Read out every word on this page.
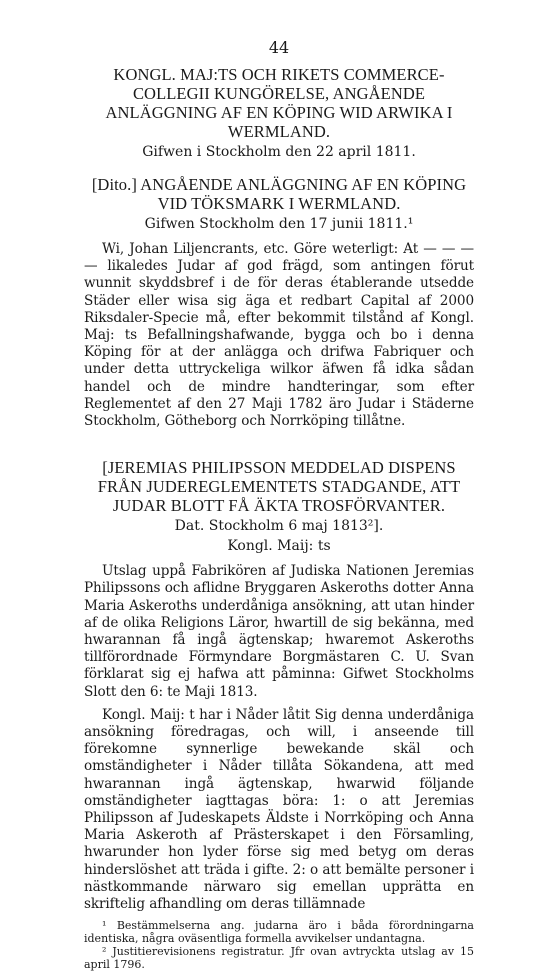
44
KONGL. MAJ:TS OCH RIKETS COMMERCE-COLLEGII KUNGÖRELSE, ANGÅENDE ANLÄGGNING AF EN KÖPING WID ARWIKA I WERMLAND.
Gifwen i Stockholm den 22 april 1811.
[Dito.] ANGÅENDE ANLÄGGNING AF EN KÖPING VID TÖKSMARK I WERMLAND.
Gifwen Stockholm den 17 junii 1811.¹

Wi, Johan Liljencrants, etc. Göre weterligt: At — — — — likaledes Judar af god frägd, som antingen förut wunnit skyddsbref i de för deras établerande utsedde Städer eller wisa sig äga et redbart Capital af 2000 Riksdaler-Specie må, efter bekommit tilstånd af Kongl. Maj: ts Befallningshafwande, bygga och bo i denna Köping för at der anlägga och drifwa Fabriquer och under detta uttryckeliga wilkor äfwen få idka sådan handel och de mindre handteringar, som efter Reglementet af den 27 Maji 1782 äro Judar i Städerne Stockholm, Götheborg och Norrköping tillåtne.

[JEREMIAS PHILIPSSON MEDDELAD DISPENS FRÅN JUDEREGLEMENTETS STADGANDE, ATT JUDAR BLOTT FÅ ÄKTA TROSFÖRVANTER.
Dat. Stockholm 6 maj 1813²].
Kongl. Maij: ts

Utslag uppå Fabrikören af Judiska Nationen Jeremias Philipssons och aflidne Bryggaren Askeroths dotter Anna Maria Askeroths underdåniga ansökning, att utan hinder af de olika Religions Läror, hwartill de sig bekänna, med hwarannan få ingå ägtenskap; hwaremot Askeroths tillförordnade Förmyndare Borgmästaren C. U. Svan förklarat sig ej hafwa att påminna: Gifwet Stockholms Slott den 6: te Maji 1813.

Kongl. Maij: t har i Nåder låtit Sig denna underdåniga ansökning föredragas, och will, i anseende till förekomne synnerlige bewekande skäl och omständigheter i Nåder tillåta Sökandena, att med hwarannan ingå ägtenskap, hwarwid följande omständigheter iagttagas böra: 1: o att Jeremias Philipsson af Judeskapets Äldste i Norrköping och Anna Maria Askeroth af Prästerskapet i den Församling, hwarunder hon lyder förse sig med betyg om deras hinderslöshet att träda i gifte. 2: o att bemälte personer i nästkommande närwaro sig emellan upprätta en skriftelig afhandling om deras tillämnade

¹ Bestämmelserna ang. judarna äro i båda förordningarna identiska, några oväsentliga formella avvikelser undantagna.

² Justitierevisionens registratur. Jfr ovan avtryckta utslag av 15 april 1796.
